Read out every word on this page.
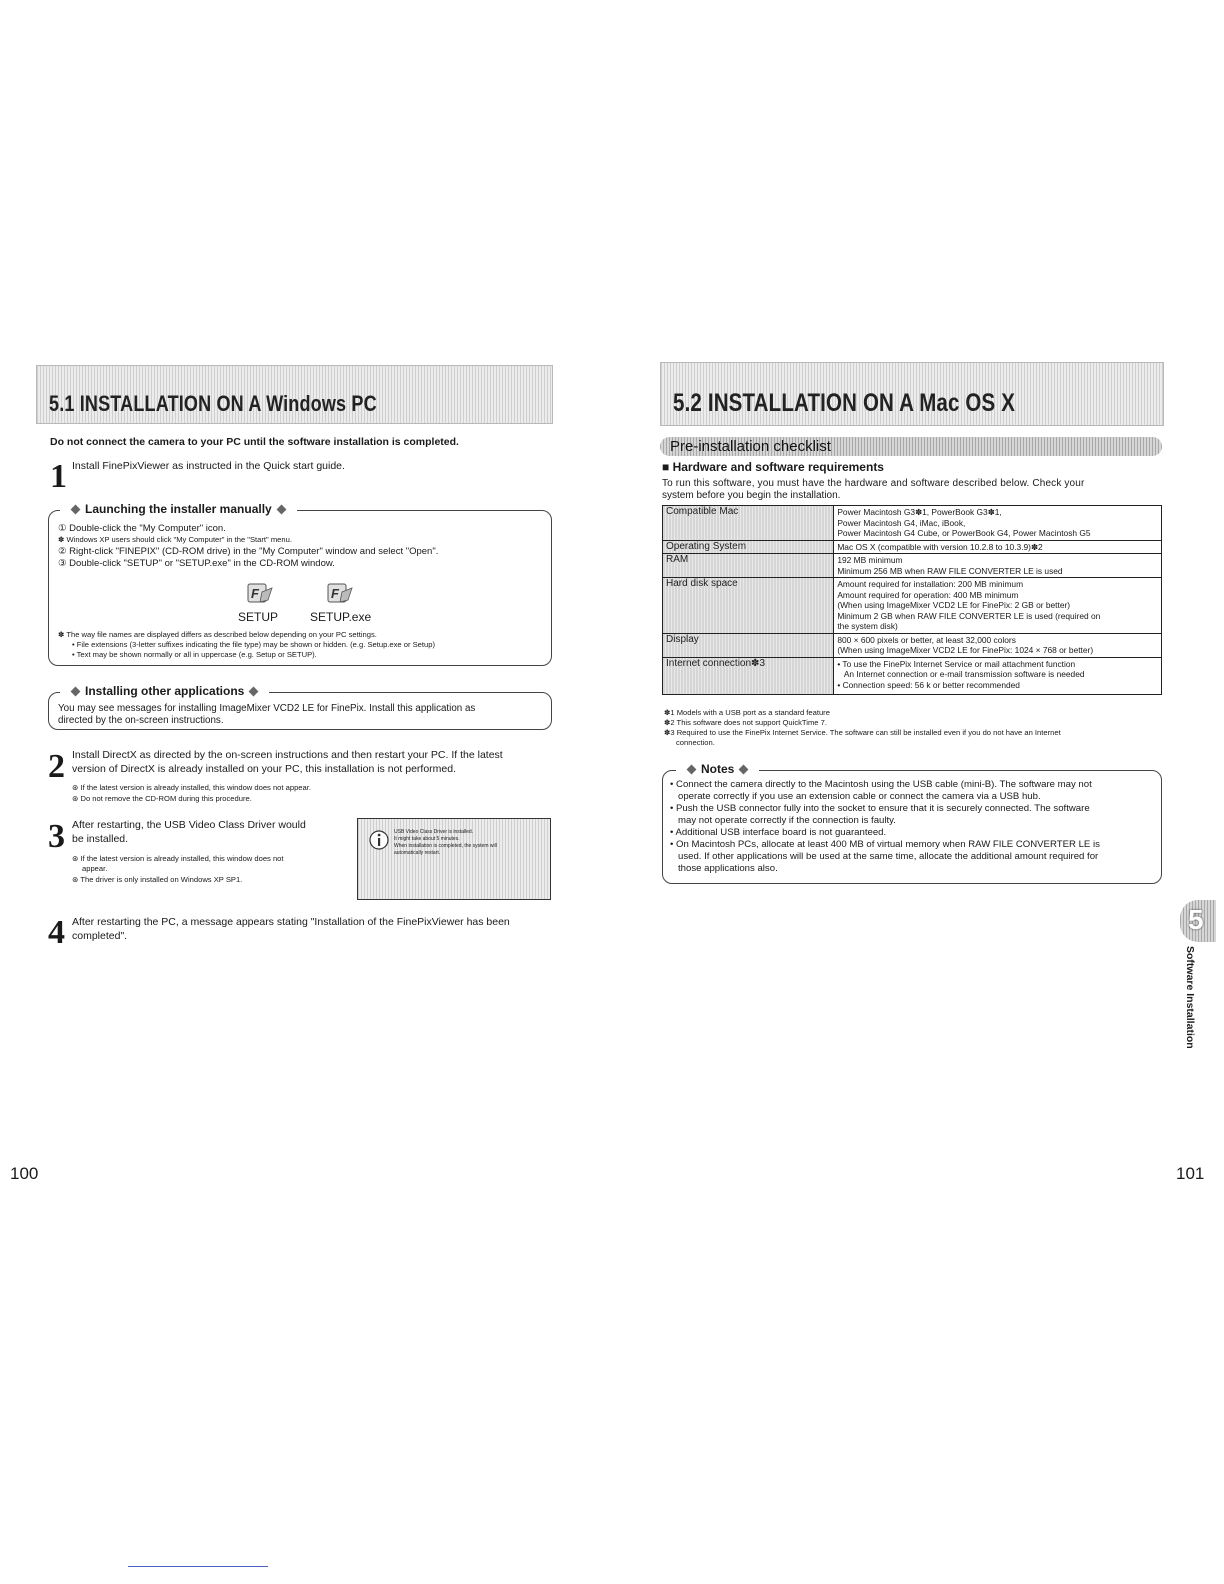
5.1 INSTALLATION ON A Windows PC
Do not connect the camera to your PC until the software installation is completed.
1 Install FinePixViewer as instructed in the Quick start guide.
Launching the installer manually
① Double-click the "My Computer" icon.
✽ Windows XP users should click "My Computer" in the "Start" menu.
② Right-click "FINEPIX" (CD-ROM drive) in the "My Computer" window and select "Open".
③ Double-click "SETUP" or "SETUP.exe" in the CD-ROM window.
F	F
SETUP	SETUP.exe
✽ The way file names are displayed differs as described below depending on your PC settings.
• File extensions (3-letter suffixes indicating the file type) may be shown or hidden. (e.g. Setup.exe or Setup)
• Text may be shown normally or all in uppercase (e.g. Setup or SETUP).
Installing other applications
You may see messages for installing ImageMixer VCD2 LE for FinePix. Install this application as
directed by the on-screen instructions.
2 Install DirectX as directed by the on-screen instructions and then restart your PC. If the latest
version of DirectX is already installed on your PC, this installation is not performed.
⊛ If the latest version is already installed, this window does not appear.
⊛ Do not remove the CD-ROM during this procedure.
3 After restarting, the USB Video Class Driver would
be installed.
⊛ If the latest version is already installed, this window does not
appear.
⊛ The driver is only installed on Windows XP SP1.
USB Video Class Driver is installed.
It might take about 5 minutes.
When installation is completed, the system will
automatically restart.
4 After restarting the PC, a message appears stating "Installation of the FinePixViewer has been
completed".
100
5.2 INSTALLATION ON A Mac OS X
Pre-installation checklist
■ Hardware and software requirements
To run this software, you must have the hardware and software described below. Check your
system before you begin the installation.
Compatible Mac	Power Macintosh G3✽1, PowerBook G3✽1,
Power Macintosh G4, iMac, iBook,
Power Macintosh G4 Cube, or PowerBook G4, Power Macintosh G5

Operating System	Mac OS X (compatible with version 10.2.8 to 10.3.9)✽2

RAM	192 MB minimum
Minimum 256 MB when RAW FILE CONVERTER LE is used

Hard disk space	Amount required for installation: 200 MB minimum
Amount required for operation: 400 MB minimum
(When using ImageMixer VCD2 LE for FinePix: 2 GB or better)
Minimum 2 GB when RAW FILE CONVERTER LE is used (required on
the system disk)

Display	800 × 600 pixels or better, at least 32,000 colors
(When using ImageMixer VCD2 LE for FinePix: 1024 × 768 or better)

Internet connection✽3	• To use the FinePix Internet Service or mail attachment function
An Internet connection or e-mail transmission software is needed
• Connection speed: 56 k or better recommended
✽1 Models with a USB port as a standard feature
✽2 This software does not support QuickTime 7.
✽3 Required to use the FinePix Internet Service. The software can still be installed even if you do not have an Internet
connection.
Notes
• Connect the camera directly to the Macintosh using the USB cable (mini-B). The software may not
operate correctly if you use an extension cable or connect the camera via a USB hub.
• Push the USB connector fully into the socket to ensure that it is securely connected. The software
may not operate correctly if the connection is faulty.
• Additional USB interface board is not guaranteed.
• On Macintosh PCs, allocate at least 400 MB of virtual memory when RAW FILE CONVERTER LE is
used. If other applications will be used at the same time, allocate the additional amount required for
those applications also.
5
Software Installation
101
